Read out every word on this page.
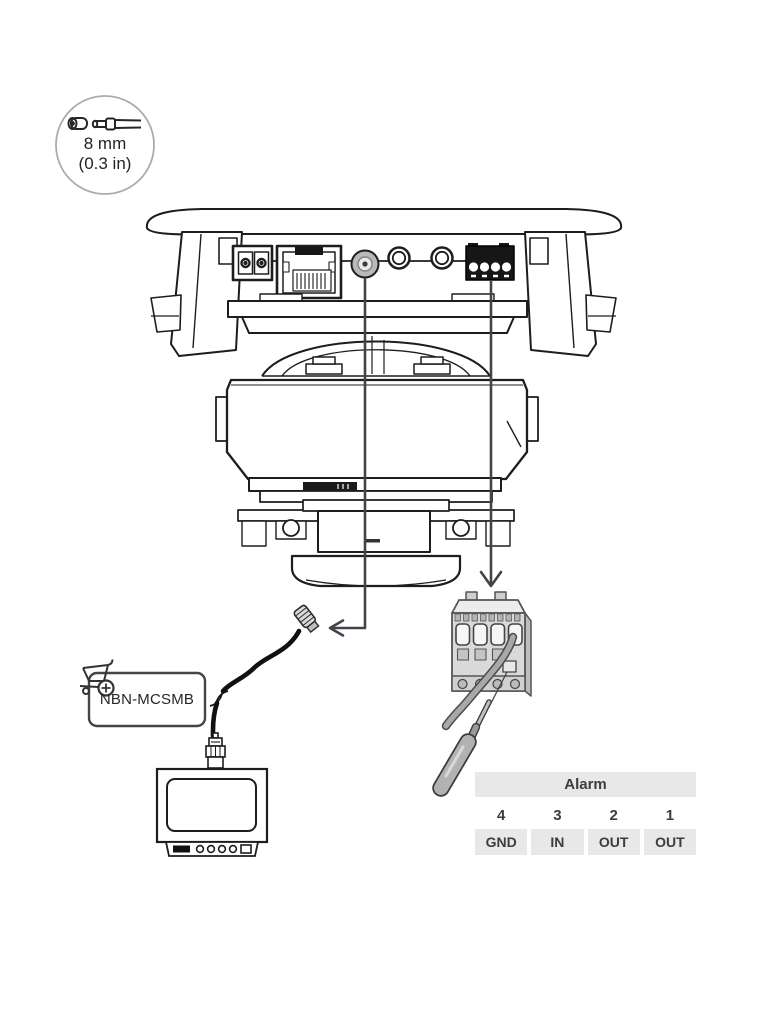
8 mm
(0.3 in)
NBN-MCSMB
Alarm
4	3	2	1
GND	IN	OUT	OUT
